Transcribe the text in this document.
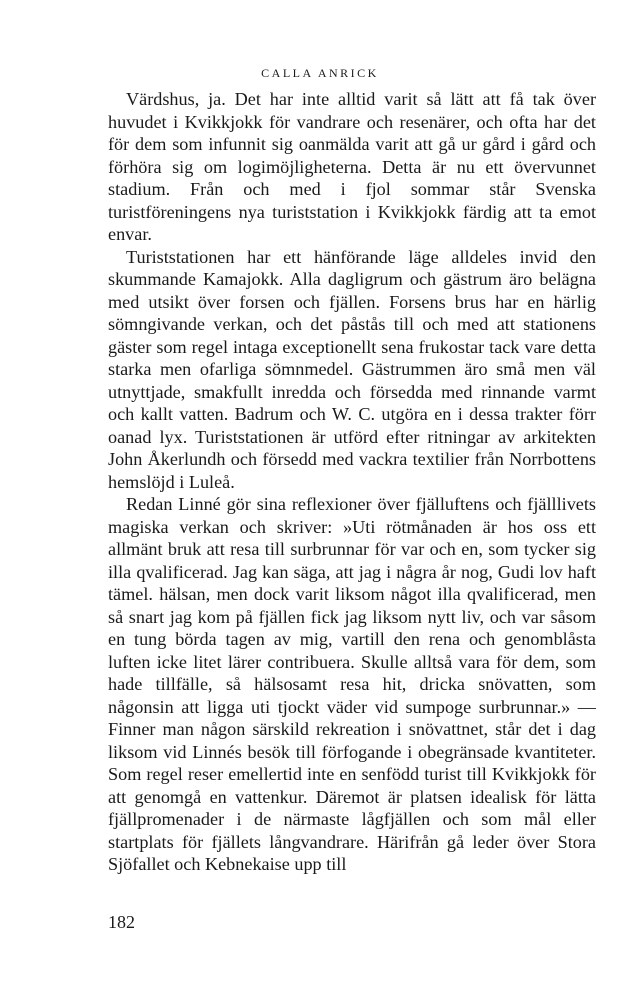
CALLA ANRICK

Värdshus, ja. Det har inte alltid varit så lätt att få tak över huvudet i Kvikkjokk för vandrare och resenärer, och ofta har det för dem som infunnit sig oanmälda varit att gå ur gård i gård och förhöra sig om logimöjligheterna. Detta är nu ett övervunnet stadium. Från och med i fjol sommar står Svenska turistföreningens nya turiststation i Kvikkjokk färdig att ta emot envar.

Turiststationen har ett hänförande läge alldeles invid den skummande Kamajokk. Alla dagligrum och gästrum äro belägna med utsikt över forsen och fjällen. Forsens brus har en härlig sömngivande verkan, och det påstås till och med att stationens gäster som regel intaga exceptionellt sena frukostar tack vare detta starka men ofarliga sömnmedel. Gästrummen äro små men väl utnyttjade, smakfullt inredda och försedda med rinnande varmt och kallt vatten. Badrum och W. C. utgöra en i dessa trakter förr oanad lyx. Turiststationen är utförd efter ritningar av arkitekten John Åkerlundh och försedd med vackra textilier från Norrbottens hemslöjd i Luleå.

Redan Linné gör sina reflexioner över fjälluftens och fjälllivets magiska verkan och skriver: »Uti rötmånaden är hos oss ett allmänt bruk att resa till surbrunnar för var och en, som tycker sig illa qvalificerad. Jag kan säga, att jag i några år nog, Gudi lov haft tämel. hälsan, men dock varit liksom något illa qvalificerad, men så snart jag kom på fjällen fick jag liksom nytt liv, och var såsom en tung börda tagen av mig, vartill den rena och genomblåsta luften icke litet lärer contribuera. Skulle alltså vara för dem, som hade tillfälle, så hälsosamt resa hit, dricka snövatten, som någonsin att ligga uti tjockt väder vid sumpoge surbrunnar.» — Finner man någon särskild rekreation i snövattnet, står det i dag liksom vid Linnés besök till förfogande i obegränsade kvantiteter. Som regel reser emellertid inte en senfödd turist till Kvikkjokk för att genomgå en vattenkur. Däremot är platsen idealisk för lätta fjällpromenader i de närmaste lågfjällen och som mål eller startplats för fjällets långvandrare. Härifrån gå leder över Stora Sjöfallet och Kebnekaise upp till

182
